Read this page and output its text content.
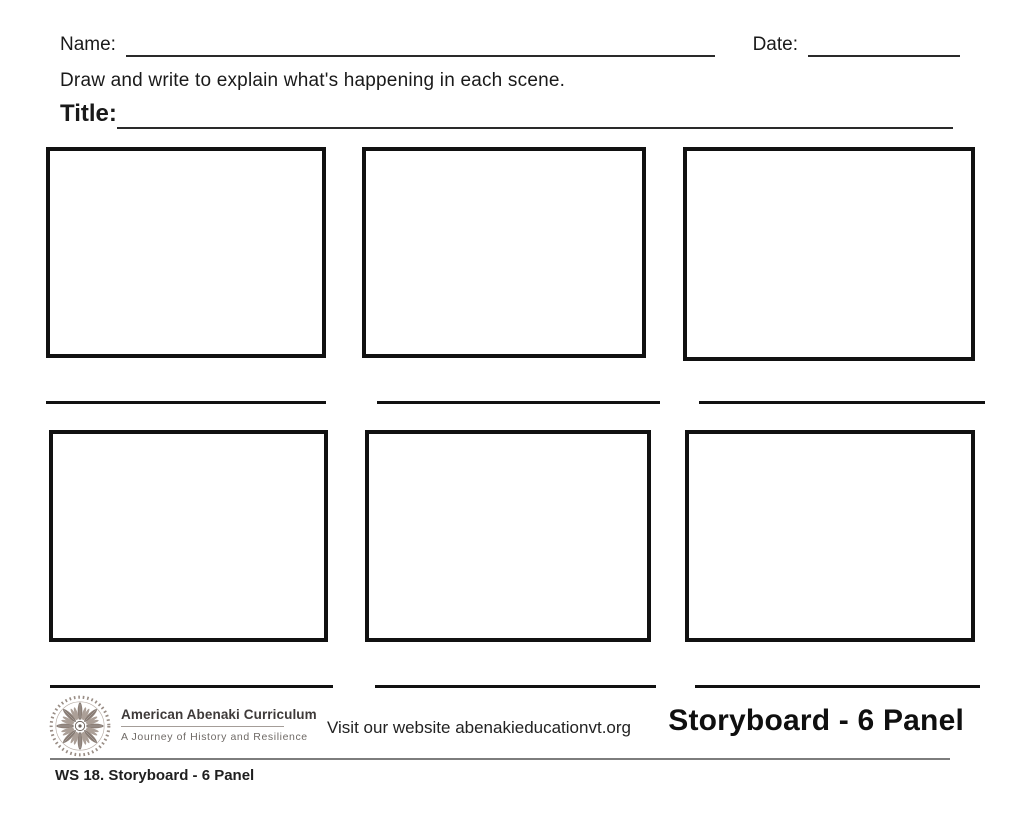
Name:	Date:
Draw and write to explain what's happening in each scene.
Title:
American Abenaki Curriculum
A Journey of History and Resilience	Visit our website abenakieducationvt.org Storyboard - 6 Panel
WS 18. Storyboard - 6 Panel
